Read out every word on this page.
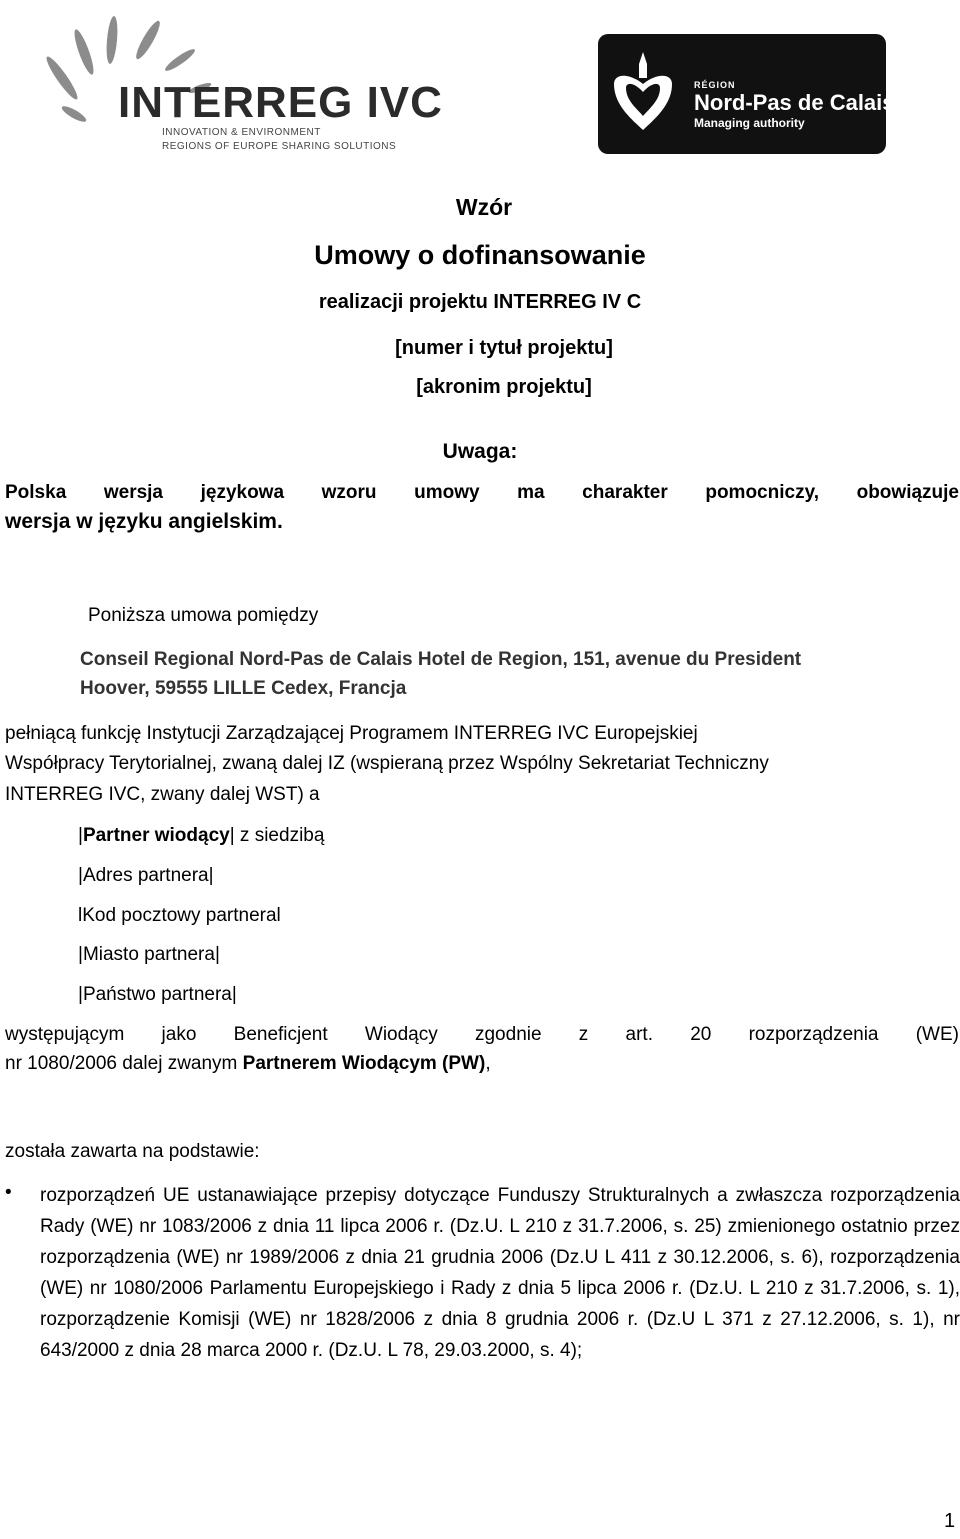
INTERREG IVC
INNOVATION & ENVIRONMENT
REGIONS OF EUROPE SHARING SOLUTIONS
RÉGION
Nord-Pas de Calais
Managing authority
Wzór
Umowy o dofinansowanie
realizacji projektu INTERREG IV C
[numer i tytuł projektu]
[akronim projektu]
Uwaga:
Polska wersja językowa wzoru umowy ma charakter pomocniczy, obowiązuje
wersja w języku angielskim.
Poniższa umowa pomiędzy
Conseil Regional Nord-Pas de Calais Hotel de Region, 151, avenue du President
Hoover, 59555 LILLE Cedex, Francja
pełniącą funkcję Instytucji Zarządzającej Programem INTERREG IVC Europejskiej
Współpracy Terytorialnej, zwaną dalej IZ (wspieraną przez Wspólny Sekretariat Techniczny
INTERREG IVC, zwany dalej WST) a
|Partner wiodący| z siedzibą
|Adres partnera|
lKod pocztowy partneral
|Miasto partnera|
|Państwo partnera|
występującym jako Beneficjent Wiodący zgodnie z art. 20 rozporządzenia (WE)
nr 1080/2006 dalej zwanym Partnerem Wiodącym (PW),
została zawarta na podstawie:
• rozporządzeń UE ustanawiające przepisy dotyczące Funduszy Strukturalnych a zwłaszcza rozporządzenia Rady (WE) nr 1083/2006 z dnia 11 lipca 2006 r. (Dz.U. L 210 z 31.7.2006, s. 25) zmienionego ostatnio przez rozporządzenia (WE) nr 1989/2006 z dnia 21 grudnia 2006 (Dz.U L 411 z 30.12.2006, s. 6), rozporządzenia (WE) nr 1080/2006 Parlamentu Europejskiego i Rady z dnia 5 lipca 2006 r. (Dz.U. L 210 z 31.7.2006, s. 1), rozporządzenie Komisji (WE) nr 1828/2006 z dnia 8 grudnia 2006 r. (Dz.U L 371 z 27.12.2006, s. 1), nr 643/2000 z dnia 28 marca 2000 r. (Dz.U. L 78, 29.03.2000, s. 4);
1
